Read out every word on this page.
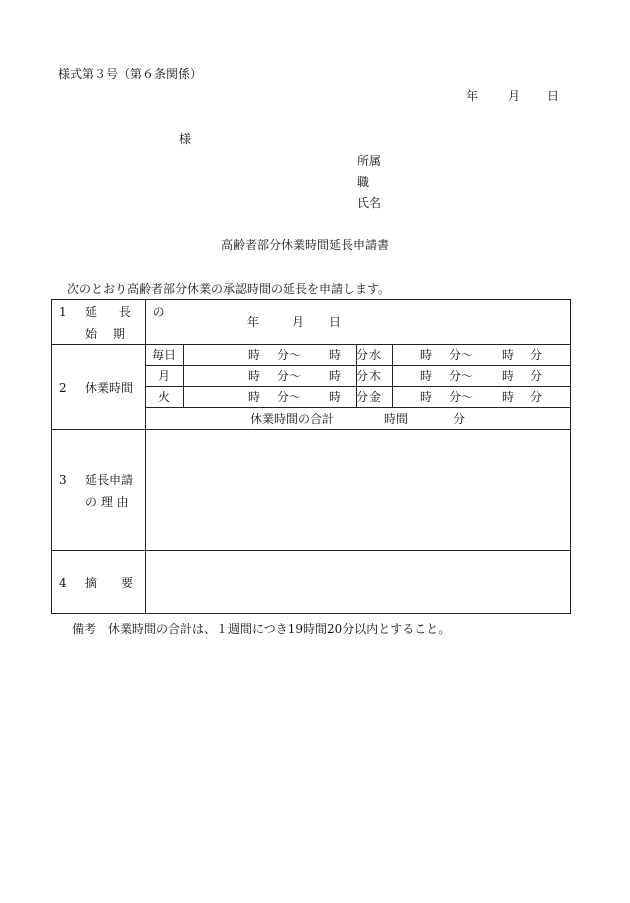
様式第３号（第６条関係）
年 月 日
様
所属
職
氏名
高齢者部分休業時間延長申請書
次のとおり高齢者部分休業の承認時間の延長を申請します。
1 延 長 の
始　 期	年 月 日			

2 休業時間	毎日	時 分～ 時 分	水	時 分～ 時 分

	月	時 分～ 時 分	木	時 分～ 時 分

	火	時 分～ 時 分	金	時 分～ 時 分

	休業時間の合計 時間 分			

3 延長申請
の 理 由				

4 摘　　要				

備考　休業時間の合計は、１週間につき19時間20分以内とすること。
